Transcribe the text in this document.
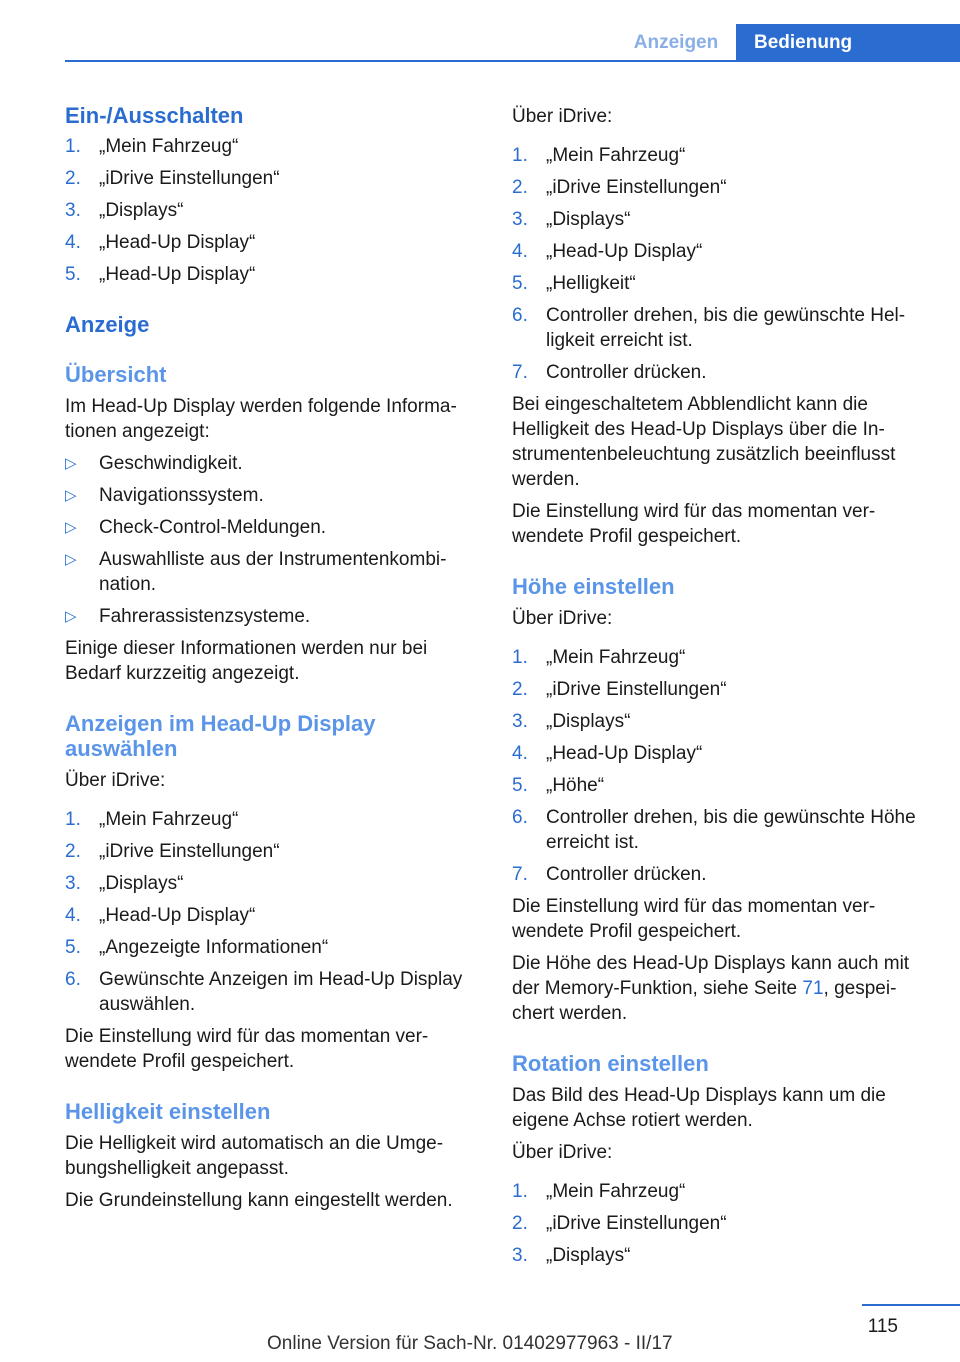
Anzeigen	Bedienung
Ein-/Ausschalten
1. „Mein Fahrzeug“
2. „iDrive Einstellungen“
3. „Displays“
4. „Head-Up Display“
5. „Head-Up Display“
Anzeige
Übersicht

Im Head-Up Display werden folgende Informa‐tionen angezeigt:

▷ Geschwindigkeit.
▷ Navigationssystem.
▷ Check-Control-Meldungen.
▷ Auswahlliste aus der Instrumentenkombi‐nation.
▷ Fahrerassistenzsysteme.

Einige dieser Informationen werden nur bei Bedarf kurzzeitig angezeigt.

Anzeigen im Head-Up Display auswählen

Über iDrive:

1. „Mein Fahrzeug“
2. „iDrive Einstellungen“
3. „Displays“
4. „Head-Up Display“
5. „Angezeigte Informationen“
6. Gewünschte Anzeigen im Head-Up Display auswählen.

Die Einstellung wird für das momentan ver‐wendete Profil gespeichert.

Helligkeit einstellen

Die Helligkeit wird automatisch an die Umge‐bungshelligkeit angepasst.

Die Grundeinstellung kann eingestellt werden.

Über iDrive:

1. „Mein Fahrzeug“
2. „iDrive Einstellungen“
3. „Displays“
4. „Head-Up Display“
5. „Helligkeit“
6. Controller drehen, bis die gewünschte Hel‐ligkeit erreicht ist.
7. Controller drücken.

Bei eingeschaltetem Abblendlicht kann die Helligkeit des Head-Up Displays über die In‐strumentenbeleuchtung zusätzlich beeinflusst werden.

Die Einstellung wird für das momentan ver‐wendete Profil gespeichert.

Höhe einstellen

Über iDrive:

1. „Mein Fahrzeug“
2. „iDrive Einstellungen“
3. „Displays“
4. „Head-Up Display“
5. „Höhe“
6. Controller drehen, bis die gewünschte Höhe erreicht ist.
7. Controller drücken.

Die Einstellung wird für das momentan ver‐wendete Profil gespeichert.

Die Höhe des Head-Up Displays kann auch mit der Memory-Funktion, siehe Seite 71, gespei‐chert werden.

Rotation einstellen

Das Bild des Head-Up Displays kann um die eigene Achse rotiert werden.

Über iDrive:

1. „Mein Fahrzeug“
2. „iDrive Einstellungen“
3. „Displays“
115
Online Version für Sach-Nr. 01402977963 - II/17
